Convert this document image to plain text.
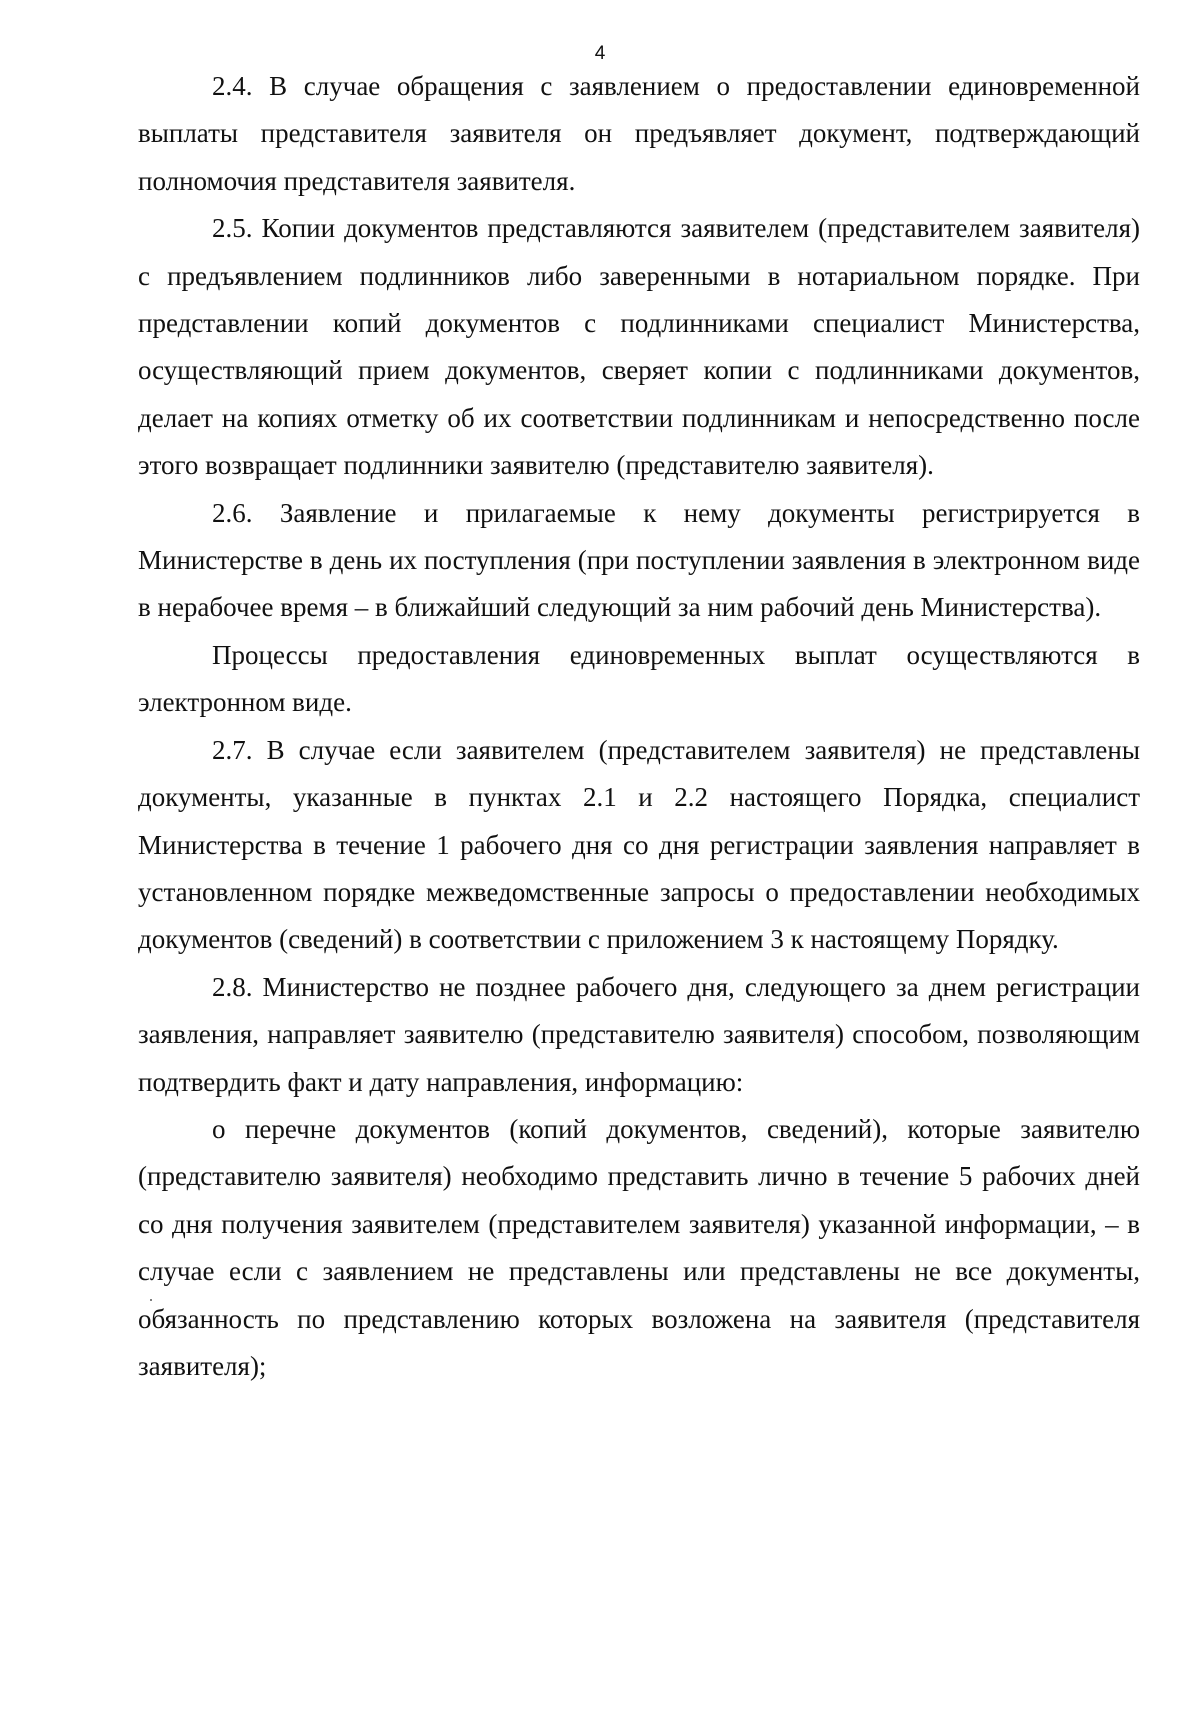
4

2.4. В случае обращения с заявлением о предоставлении единовременной выплаты представителя заявителя он предъявляет документ, подтверждающий полномочия представителя заявителя.

2.5. Копии документов представляются заявителем (представителем заявителя) с предъявлением подлинников либо заверенными в нотариальном порядке. При представлении копий документов с подлинниками специалист Министерства, осуществляющий прием документов, сверяет копии с подлинниками документов, делает на копиях отметку об их соответствии подлинникам и непосредственно после этого возвращает подлинники заявителю (представителю заявителя).

2.6. Заявление и прилагаемые к нему документы регистрируется в Министерстве в день их поступления (при поступлении заявления в электронном виде в нерабочее время – в ближайший следующий за ним рабочий день Министерства).

Процессы предоставления единовременных выплат осуществляются в электронном виде.

2.7. В случае если заявителем (представителем заявителя) не представлены документы, указанные в пунктах 2.1 и 2.2 настоящего Порядка, специалист Министерства в течение 1 рабочего дня со дня регистрации заявления направляет в установленном порядке межведомственные запросы о предоставлении необходимых документов (сведений) в соответствии с приложением 3 к настоящему Порядку.

2.8. Министерство не позднее рабочего дня, следующего за днем регистрации заявления, направляет заявителю (представителю заявителя) способом, позволяющим подтвердить факт и дату направления, информацию:

о перечне документов (копий документов, сведений), которые заявителю (представителю заявителя) необходимо представить лично в течение 5 рабочих дней со дня получения заявителем (представителем заявителя) указанной информации, – в случае если с заявлением не представлены или представлены не все документы, обязанность по представлению которых возложена на заявителя (представителя заявителя);
